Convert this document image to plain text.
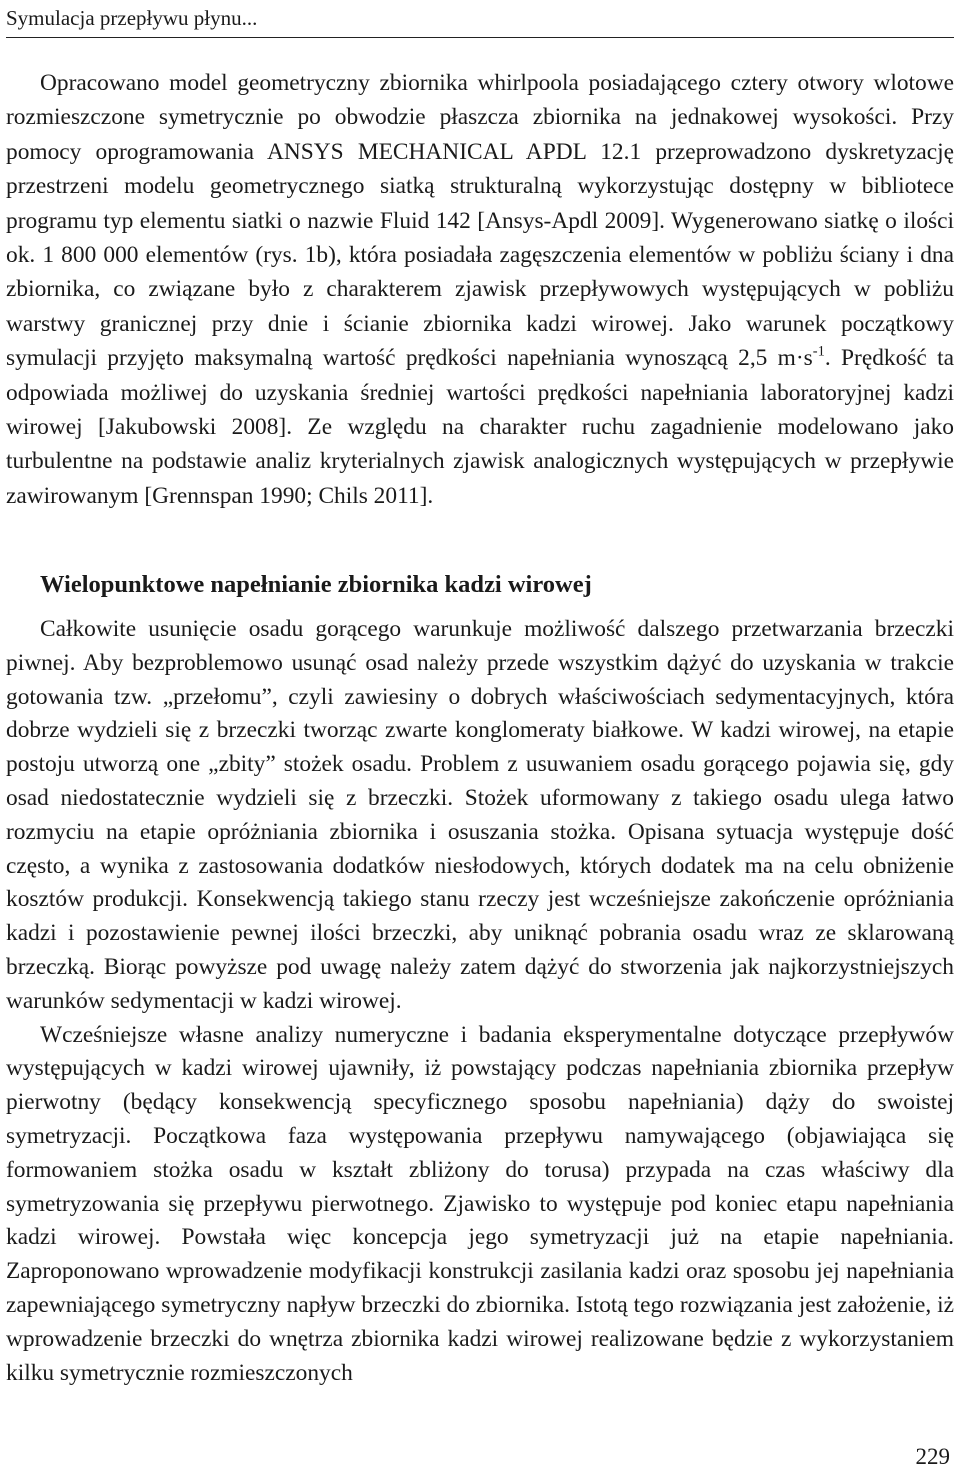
Symulacja przepływu płynu...

Opracowano model geometryczny zbiornika whirlpoola posiadającego cztery otwory wlotowe rozmieszczone symetrycznie po obwodzie płaszcza zbiornika na jednakowej wysokości. Przy pomocy oprogramowania ANSYS MECHANICAL APDL 12.1 przeprowadzono dyskretyzację przestrzeni modelu geometrycznego siatką strukturalną wykorzystując dostępny w bibliotece programu typ elementu siatki o nazwie Fluid 142 [Ansys-Apdl 2009]. Wygenerowano siatkę o ilości ok. 1 800 000 elementów (rys. 1b), która posiadała zagęszczenia elementów w pobliżu ściany i dna zbiornika, co związane było z charakterem zjawisk przepływowych występujących w pobliżu warstwy granicznej przy dnie i ścianie zbiornika kadzi wirowej. Jako warunek początkowy symulacji przyjęto maksymalną wartość prędkości napełniania wynoszącą 2,5 $m\cdot s^{-1}$. Prędkość ta odpowiada możliwej do uzyskania średniej wartości prędkości napełniania laboratoryjnej kadzi wirowej [Jakubowski 2008]. Ze względu na charakter ruchu zagadnienie modelowano jako turbulentne na podstawie analiz kryterialnych zjawisk analogicznych występujących w przepływie zawirowanym [Grennspan 1990; Chils 2011].

Wielopunktowe napełnianie zbiornika kadzi wirowej

Całkowite usunięcie osadu gorącego warunkuje możliwość dalszego przetwarzania brzeczki piwnej. Aby bezproblemowo usunąć osad należy przede wszystkim dążyć do uzyskania w trakcie gotowania tzw. „przełomu”, czyli zawiesiny o dobrych właściwościach sedymentacyjnych, która dobrze wydzieli się z brzeczki tworząc zwarte konglomeraty białkowe. W kadzi wirowej, na etapie postoju utworzą one „zbity” stożek osadu. Problem z usuwaniem osadu gorącego pojawia się, gdy osad niedostatecznie wydzieli się z brzeczki. Stożek uformowany z takiego osadu ulega łatwo rozmyciu na etapie opróżniania zbiornika i osuszania stożka. Opisana sytuacja występuje dość często, a wynika z zastosowania dodatków niesłodowych, których dodatek ma na celu obniżenie kosztów produkcji. Konsekwencją takiego stanu rzeczy jest wcześniejsze zakończenie opróżniania kadzi i pozostawienie pewnej ilości brzeczki, aby uniknąć pobrania osadu wraz ze sklarowaną brzeczką. Biorąc powyższe pod uwagę należy zatem dążyć do stworzenia jak najkorzystniejszych warunków sedymentacji w kadzi wirowej.

Wcześniejsze własne analizy numeryczne i badania eksperymentalne dotyczące przepływów występujących w kadzi wirowej ujawniły, iż powstający podczas napełniania zbiornika przepływ pierwotny (będący konsekwencją specyficznego sposobu napełniania) dąży do swoistej symetryzacji. Początkowa faza występowania przepływu namywającego (objawiająca się formowaniem stożka osadu w kształt zbliżony do torusa) przypada na czas właściwy dla symetryzowania się przepływu pierwotnego. Zjawisko to występuje pod koniec etapu napełniania kadzi wirowej. Powstała więc koncepcja jego symetryzacji już na etapie napełniania. Zaproponowano wprowadzenie modyfikacji konstrukcji zasilania kadzi oraz sposobu jej napełniania zapewniającego symetryczny napływ brzeczki do zbiornika. Istotą tego rozwiązania jest założenie, iż wprowadzenie brzeczki do wnętrza zbiornika kadzi wirowej realizowane będzie z wykorzystaniem kilku symetrycznie rozmieszczonych

229
